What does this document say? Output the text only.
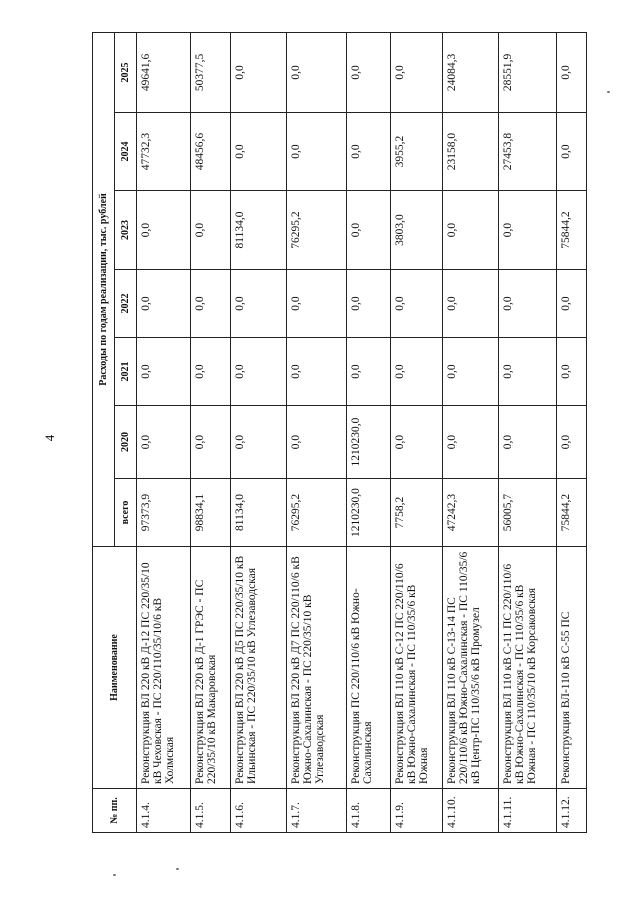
4
№ пп.	Наименование	Расходы по годам реализации, тыс. рублей						
		всего	2020	2021	2022	2023	2024	2025
4.1.4.	Реконструкция ВЛ 220 кВ Д-12 ПС 220/35/10 кВ Чеховская - ПС 220/110/35/10/6 кВ Холмская	97373,9	0,0	0,0	0,0	0,0	47732,3	49641,6
4.1.5.	Реконструкция ВЛ 220 кВ Д-1 ГРЭС - ПС 220/35/10 кВ Макаровская	98834,1	0,0	0,0	0,0	0,0	48456,6	50377,5
4.1.6.	Реконструкция ВЛ 220 кВ Д5 ПС 220/35/10 кВ Ильинская - ПС 220/35/10 кВ Углезаводская	81134,0	0,0	0,0	0,0	81134,0	0,0	0,0
4.1.7.	Реконструкция ВЛ 220 кВ Д7 ПС 220/110/6 кВ Южно-Сахалинская - ПС 220/35/10 кВ Углезаводская	76295,2	0,0	0,0	0,0	76295,2	0,0	0,0
4.1.8.	Реконструкция ПС 220/110/6 кВ Южно-Сахалинская	1210230,0	1210230,0	0,0	0,0	0,0	0,0	0,0
4.1.9.	Реконструкция ВЛ 110 кВ С-12 ПС 220/110/6 кВ Южно-Сахалинская - ПС 110/35/6 кВ Южная	7758,2	0,0	0,0	0,0	3803,0	3955,2	0,0
4.1.10.	Реконструкция ВЛ 110 кВ С-13-14 ПС 220/110/6 кВ Южно-Сахалинская - ПС 110/35/6 кВ Центр-ПС 110/35/6 кВ Промузел	47242,3	0,0	0,0	0,0	0,0	23158,0	24084,3
4.1.11.	Реконструкция ВЛ 110 кВ С-11 ПС 220/110/6 кВ Южно-Сахалинская - ПС 110/35/6 кВ Южная - ПС 110/35/10 кВ Корсаковская	56005,7	0,0	0,0	0,0	0,0	27453,8	28551,9
4.1.12.	Реконструкция ВЛ-110 кВ С-55 ПС	75844,2	0,0	0,0	0,0	75844,2	0,0	0,0
